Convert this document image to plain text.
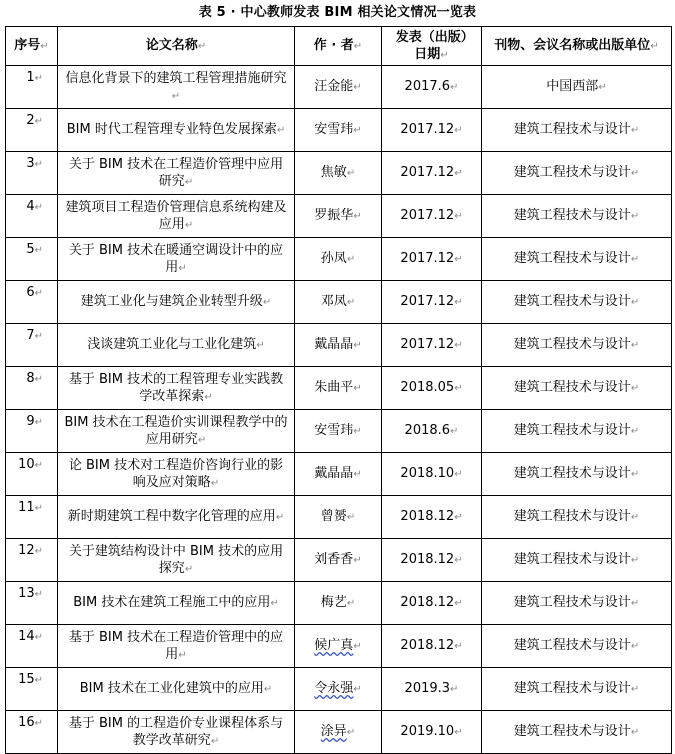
表 5 · 中心教师发表 BIM 相关论文情况一览表
序号↵	论文名称↵	作 · 者↵	发表（出版）日期↵	刊物、会议名称或出版单位↵
1↵	信息化背景下的建筑工程管理措施研究↵	汪金能↵	2017.6↵	中国西部↵
2↵	BIM 时代工程管理专业特色发展探索↵	安雪玮↵	2017.12↵	建筑工程技术与设计↵
3↵	关于 BIM 技术在工程造价管理中应用研究↵	焦敏↵	2017.12↵	建筑工程技术与设计↵
4↵	建筑项目工程造价管理信息系统构建及应用↵	罗振华↵	2017.12↵	建筑工程技术与设计↵
5↵	关于 BIM 技术在暖通空调设计中的应用↵	孙凤↵	2017.12↵	建筑工程技术与设计↵
6↵	建筑工业化与建筑企业转型升级↵	邓凤↵	2017.12↵	建筑工程技术与设计↵
7↵	浅谈建筑工业化与工业化建筑↵	戴晶晶↵	2017.12↵	建筑工程技术与设计↵
8↵	基于 BIM 技术的工程管理专业实践教学改革探索↵	朱曲平↵	2018.05↵	建筑工程技术与设计↵
9↵	BIM 技术在工程造价实训课程教学中的应用研究↵	安雪玮↵	2018.6↵	建筑工程技术与设计↵
10↵	论 BIM 技术对工程造价咨询行业的影响及应对策略↵	戴晶晶↵	2018.10↵	建筑工程技术与设计↵
11↵	新时期建筑工程中数字化管理的应用↵	曾赟↵	2018.12↵	建筑工程技术与设计↵
12↵	关于建筑结构设计中 BIM 技术的应用探究↵	刘香香↵	2018.12↵	建筑工程技术与设计↵
13↵	BIM 技术在建筑工程施工中的应用↵	梅艺↵	2018.12↵	建筑工程技术与设计↵
14↵	基于 BIM 技术在工程造价管理中的应用↵	候广真↵	2018.12↵	建筑工程技术与设计↵
15↵	BIM 技术在工业化建筑中的应用↵	令永强↵	2019.3↵	建筑工程技术与设计↵
16↵	基于 BIM 的工程造价专业课程体系与教学改革研究↵	涂异↵	2019.10↵	建筑工程技术与设计↵
